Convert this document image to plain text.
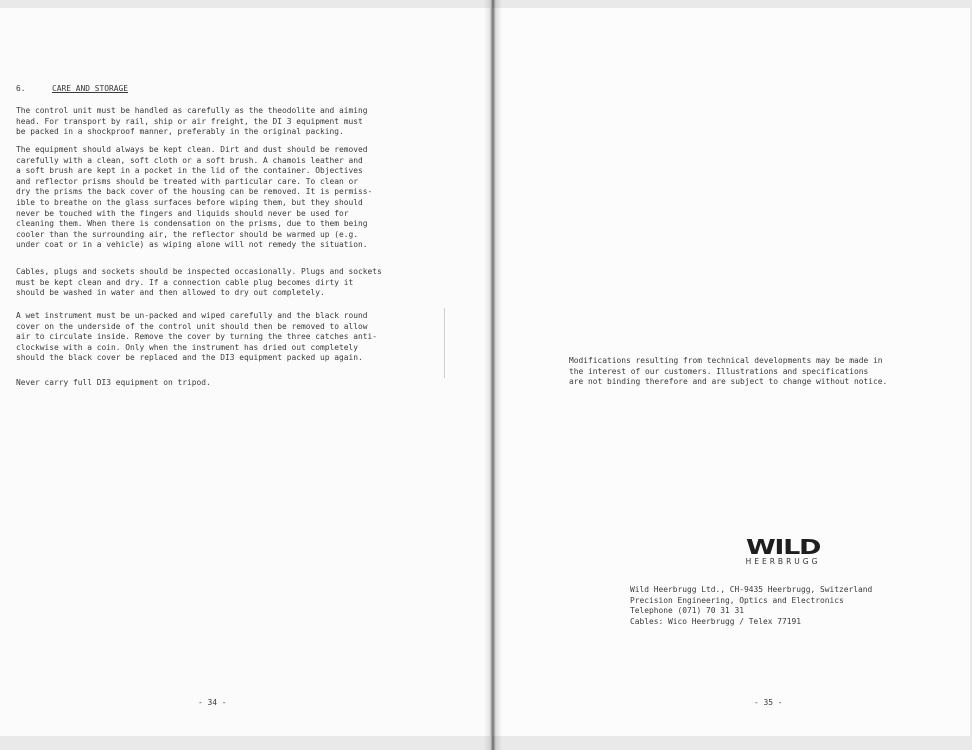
6.	CARE AND STORAGE

The control unit must be handled as carefully as the theodolite and aiming
head. For transport by rail, ship or air freight, the DI 3 equipment must
be packed in a shockproof manner, preferably in the original packing.

The equipment should always be kept clean. Dirt and dust should be removed
carefully with a clean, soft cloth or a soft brush. A chamois leather and
a soft brush are kept in a pocket in the lid of the container. Objectives
and reflector prisms should be treated with particular care. To clean or
dry the prisms the back cover of the housing can be removed. It is permiss-
ible to breathe on the glass surfaces before wiping them, but they should
never be touched with the fingers and liquids should never be used for
cleaning them. When there is condensation on the prisms, due to them being
cooler than the surrounding air, the reflector should be warmed up (e.g.
under coat or in a vehicle) as wiping alone will not remedy the situation.

Cables, plugs and sockets should be inspected occasionally. Plugs and sockets
must be kept clean and dry. If a connection cable plug becomes dirty it
should be washed in water and then allowed to dry out completely.

A wet instrument must be un-packed and wiped carefully and the black round
cover on the underside of the control unit should then be removed to allow
air to circulate inside. Remove the cover by turning the three catches anti-
clockwise with a coin. Only when the instrument has dried out completely
should the black cover be replaced and the DI3 equipment packed up again.

Never carry full DI3 equipment on tripod.

- 34 -

Modifications resulting from technical developments may be made in
the interest of our customers. Illustrations and specifications
are not binding therefore and are subject to change without notice.

WILD
HEERBRUGG

Wild Heerbrugg Ltd., CH-9435 Heerbrugg, Switzerland

Precision Engineering, Optics and Electronics

Telephone (071) 70 31 31

Cables: Wico Heerbrugg / Telex 77191

- 35 -
